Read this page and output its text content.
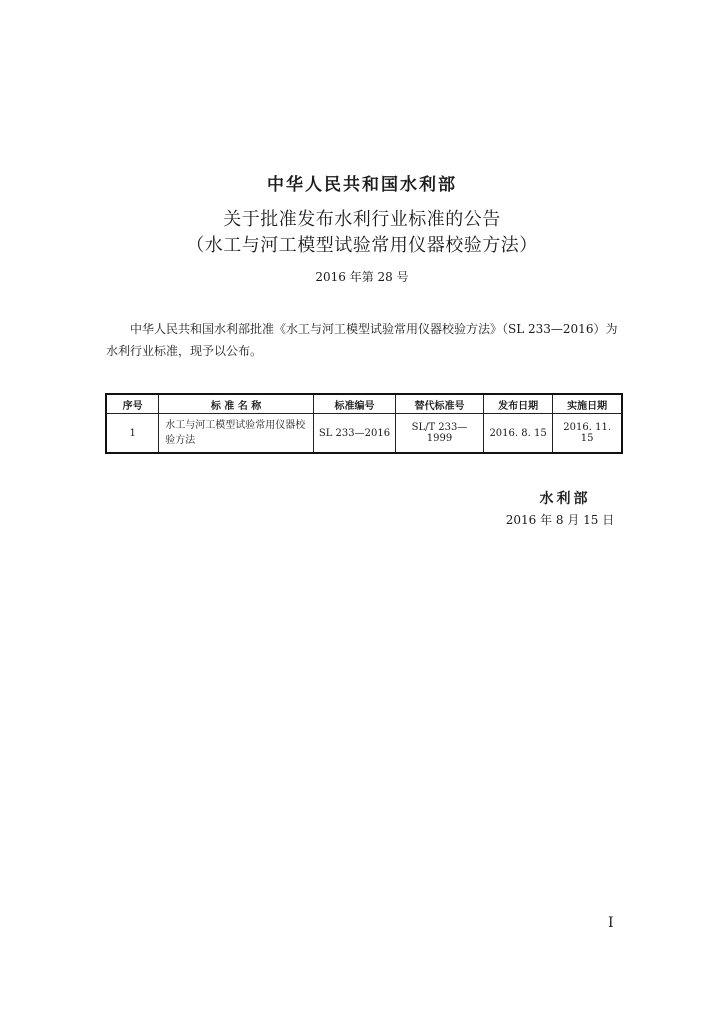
中华人民共和国水利部
关于批准发布水利行业标准的公告
（水工与河工模型试验常用仪器校验方法）
2016 年第 28 号
中华人民共和国水利部批准《水工与河工模型试验常用仪器校验方法》（SL 233—2016）为水利行业标准，现予以公布。
序号	标 准 名 称	标准编号	替代标准号	发布日期	实施日期
1	水工与河工模型试验常用仪器校验方法	SL 233—2016	SL/T 233—1999	2016. 8. 15	2016. 11. 15
水利部
2016 年 8 月 15 日
I
